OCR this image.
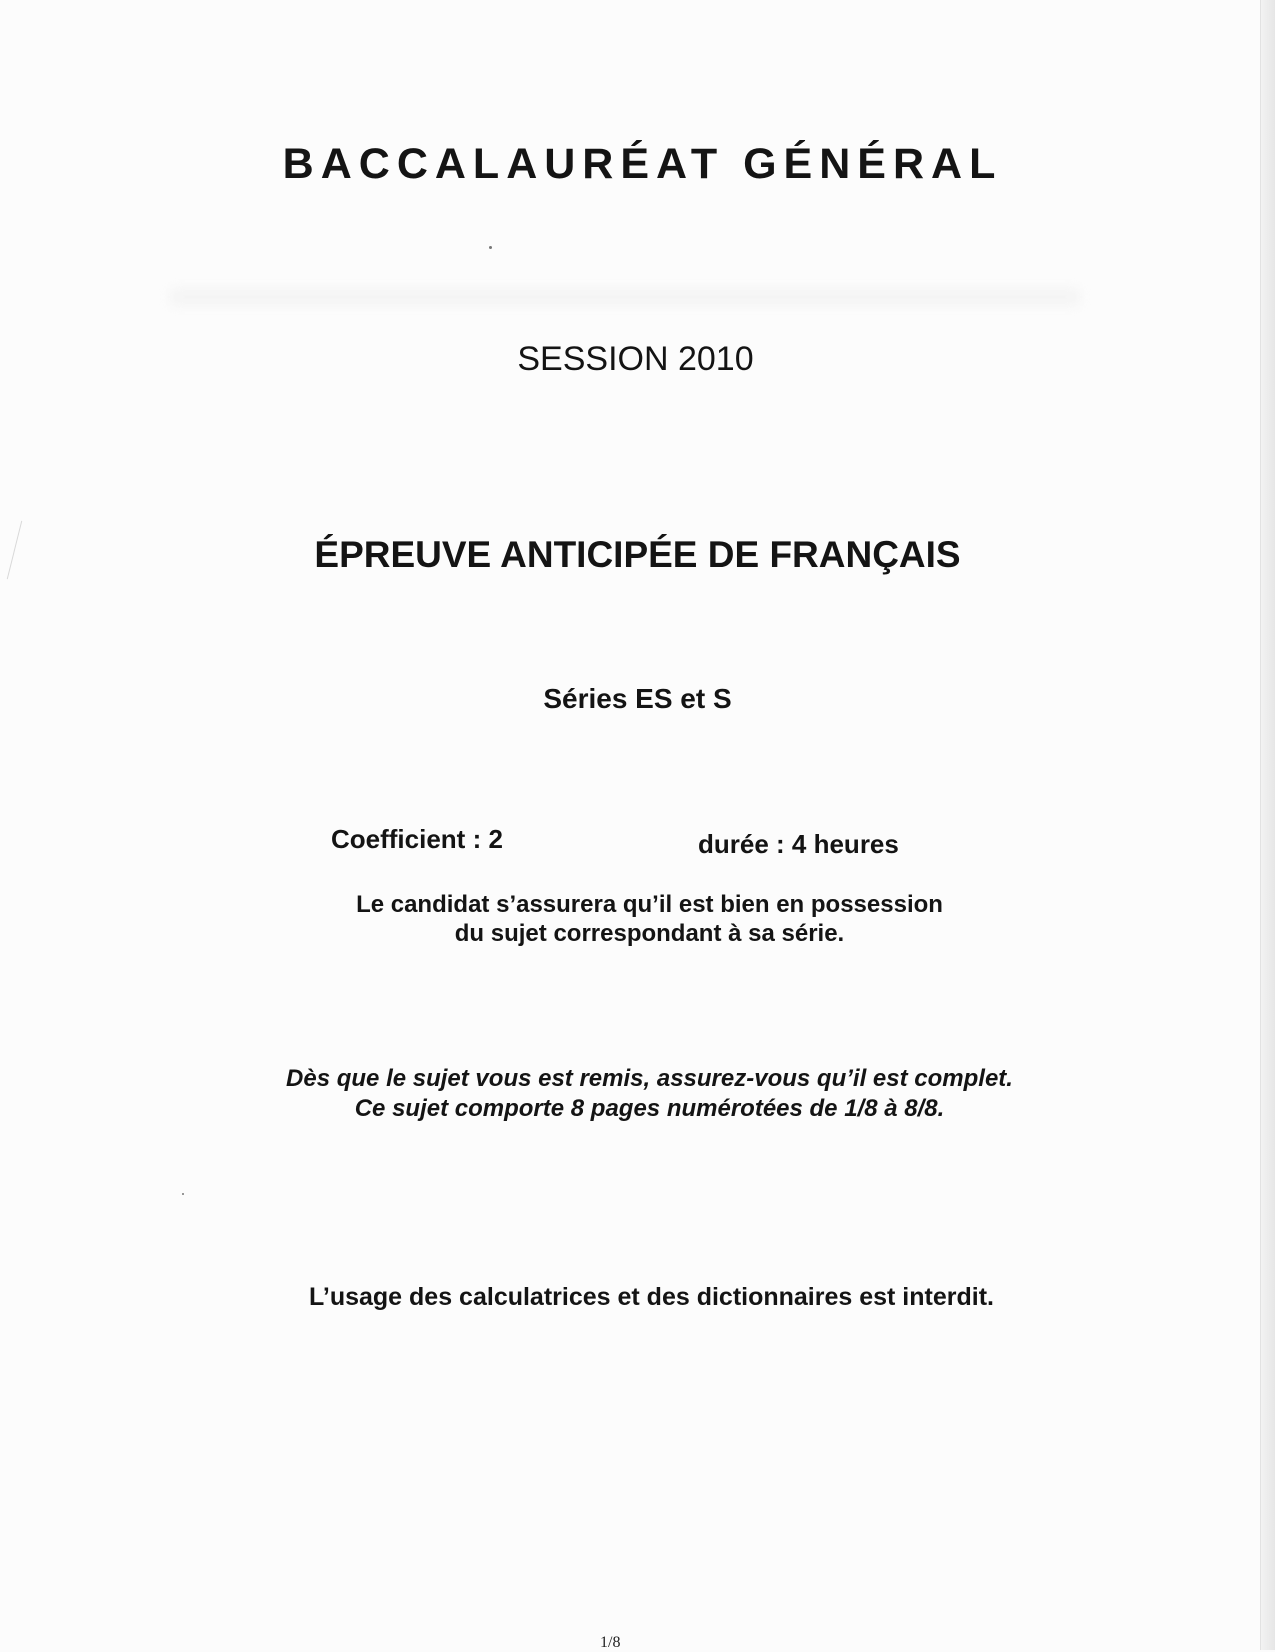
BACCALAURÉAT GÉNÉRAL
SESSION 2010
ÉPREUVE ANTICIPÉE DE FRANÇAIS
Séries ES et S
Coefficient : 2	durée : 4 heures
Le candidat s’assurera qu’il est bien en possession
du sujet correspondant à sa série.
Dès que le sujet vous est remis, assurez-vous qu’il est complet.
Ce sujet comporte 8 pages numérotées de 1/8 à 8/8.
L’usage des calculatrices et des dictionnaires est interdit.
1/8
